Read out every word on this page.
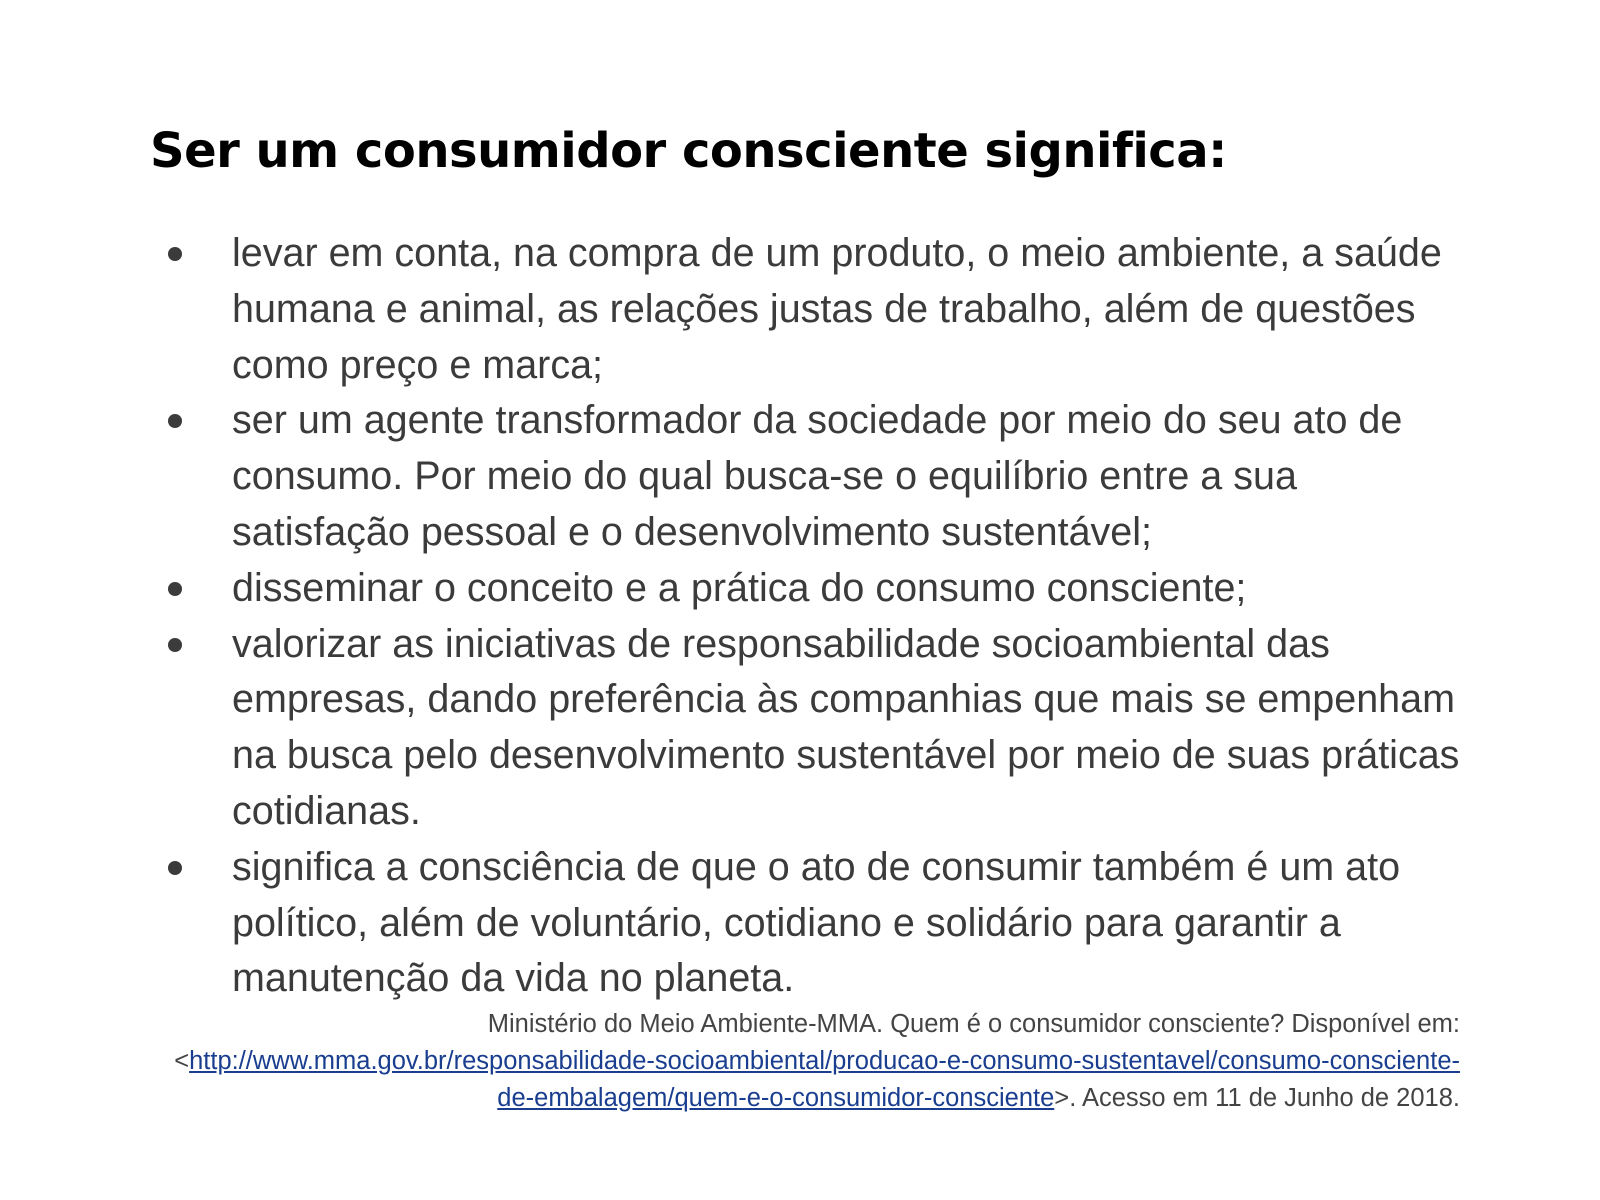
Ser um consumidor consciente significa:
levar em conta, na compra de um produto, o meio ambiente, a saúde humana e animal, as relações justas de trabalho, além de questões como preço e marca;
ser um agente transformador da sociedade por meio do seu ato de consumo. Por meio do qual busca-se o equilíbrio entre a sua satisfação pessoal e o desenvolvimento sustentável;
disseminar o conceito e a prática do consumo consciente;
valorizar as iniciativas de responsabilidade socioambiental das empresas, dando preferência às companhias que mais se empenham na busca pelo desenvolvimento sustentável por meio de suas práticas cotidianas.
significa a consciência de que o ato de consumir também é um ato político, além de voluntário, cotidiano e solidário para garantir a manutenção da vida no planeta.

Ministério do Meio Ambiente-MMA. Quem é o consumidor consciente? Disponível em: <http://www.mma.gov.br/responsabilidade-socioambiental/producao-e-consumo-sustentavel/consumo-consciente-de-embalagem/quem-e-o-consumidor-consciente>. Acesso em 11 de Junho de 2018.
